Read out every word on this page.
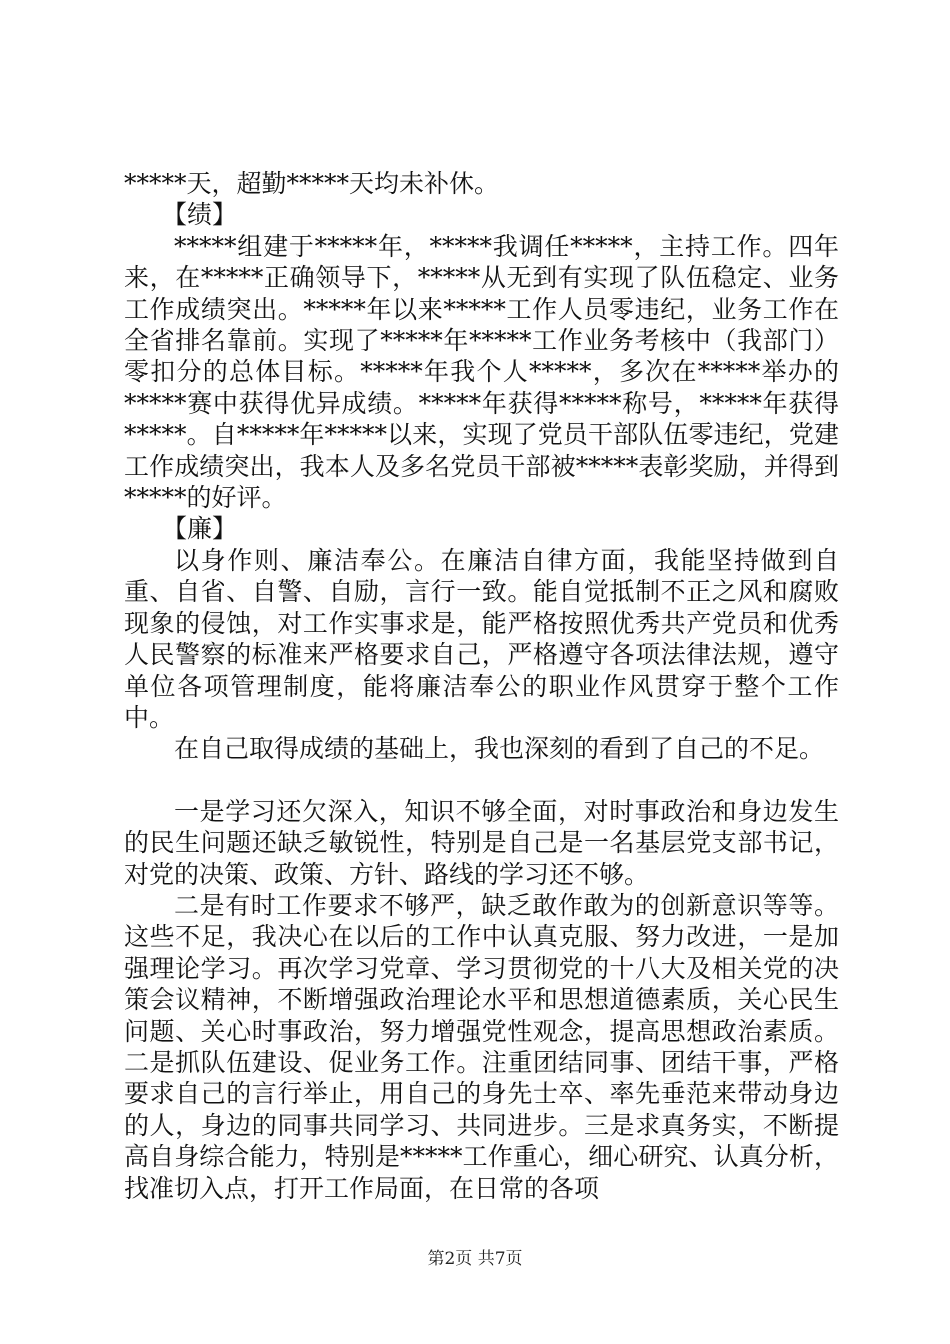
*****天，超勤*****天均未补休。

【绩】

*****组建于*****年，*****我调任*****，主持工作。四年来，在*****正确领导下，*****从无到有实现了队伍稳定、业务工作成绩突出。*****年以来*****工作人员零违纪，业务工作在全省排名靠前。实现了*****年*****工作业务考核中（我部门）零扣分的总体目标。*****年我个人*****，多次在*****举办的*****赛中获得优异成绩。*****年获得*****称号，*****年获得*****。自*****年*****以来，实现了党员干部队伍零违纪，党建工作成绩突出，我本人及多名党员干部被*****表彰奖励，并得到*****的好评。

【廉】

以身作则、廉洁奉公。在廉洁自律方面，我能坚持做到自重、自省、自警、自励，言行一致。能自觉抵制不正之风和腐败现象的侵蚀，对工作实事求是，能严格按照优秀共产党员和优秀人民警察的标准来严格要求自己，严格遵守各项法律法规，遵守单位各项管理制度，能将廉洁奉公的职业作风贯穿于整个工作中。

在自己取得成绩的基础上，我也深刻的看到了自己的不足。

一是学习还欠深入，知识不够全面，对时事政治和身边发生的民生问题还缺乏敏锐性，特别是自己是一名基层党支部书记，对党的决策、政策、方针、路线的学习还不够。

二是有时工作要求不够严，缺乏敢作敢为的创新意识等等。这些不足，我决心在以后的工作中认真克服、努力改进，一是加强理论学习。再次学习党章、学习贯彻党的十八大及相关党的决策会议精神，不断增强政治理论水平和思想道德素质，关心民生问题、关心时事政治，努力增强党性观念，提高思想政治素质。二是抓队伍建设、促业务工作。注重团结同事、团结干事，严格要求自己的言行举止，用自己的身先士卒、率先垂范来带动身边的人，身边的同事共同学习、共同进步。三是求真务实，不断提高自身综合能力，特别是*****工作重心，细心研究、认真分析，找准切入点，打开工作局面，在日常的各项

第2页 共7页
